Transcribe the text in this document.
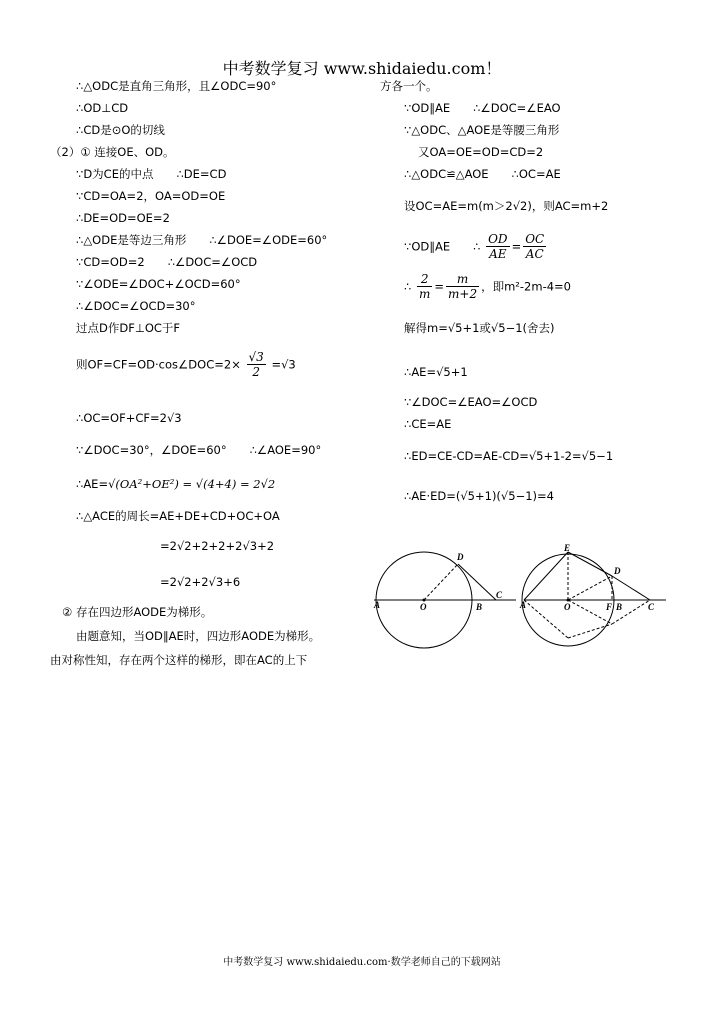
中考数学复习 www.shidaiedu.com！
∴△ODC是直角三角形，且∠ODC=90°
∴OD⊥CD
∴CD是⊙O的切线
（2）① 连接OE、OD。
∵D为CE的中点　　∴DE=CD
∵CD=OA=2，OA=OD=OE
∴DE=OD=OE=2
∴△ODE是等边三角形　　∴∠DOE=∠ODE=60°
∵CD=OD=2　　∴∠DOC=∠OCD
∵∠ODE=∠DOC+∠OCD=60°
∴∠DOC=∠OCD=30°
过点D作DF⊥OC于F
则OF=CF=OD·cos∠DOC=2× $\frac{√3}{2} =√3$
∴OC=OF+CF=2√3
∵∠DOC=30°，∠DOE=60°　　∴∠AOE=90°
∴AE=√(OA²+OE²) = √(4+4) = 2√2
∴△ACE的周长=AE+DE+CD+OC+OA
=2√2+2+2+2√3+2
=2√2+2√3+6
② 存在四边形AODE为梯形。
由题意知，当OD∥AE时，四边形AODE为梯形。
由对称性知，存在两个这样的梯形，即在AC的上下
方各一个。
∵OD∥AE　　∴∠DOC=∠EAO
∵△ODC、△AOE是等腰三角形
又OA=OE=OD=CD=2
∴△ODC≌△AOE　　∴OC=AE
设OC=AE=m(m＞2√2)，则AC=m+2
∵OD∥AE　　∴ $\frac{OD}{AE} = \frac{OC}{AC}$
∴ $\frac{2}{m} = \frac{m}{m+2}$ ，即m²-2m-4=0
解得m=√5+1或√5−1(舍去)
∴AE=√5+1
∵∠DOC=∠EAO=∠OCD
∴CE=AE
∴ED=CE-CD=AE-CD=√5+1-2=√5−1
∴AE·ED=(√5+1)(√5−1)=4
A	O	B
C
D
A	O	F B	C
D
E
中考数学复习 www.shidaiedu.com·数学老师自己的下载网站
